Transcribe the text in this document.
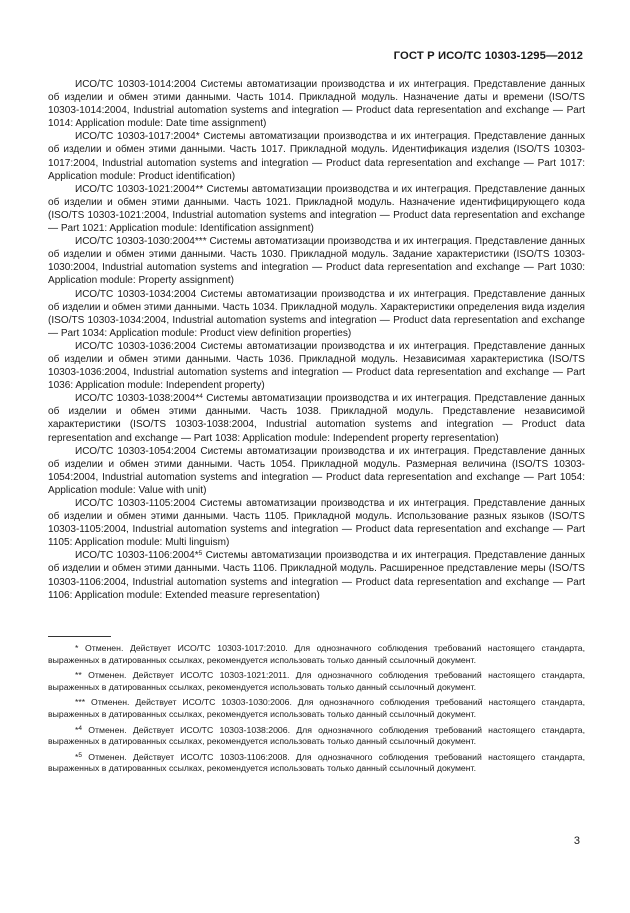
ГОСТ Р ИСО/ТС 10303-1295—2012

ИСО/ТС 10303-1014:2004 Системы автоматизации производства и их интеграция. Представление данных об изделии и обмен этими данными. Часть 1014. Прикладной модуль. Назначение даты и времени (ISO/TS 10303-1014:2004, Industrial automation systems and integration — Product data representation and exchange — Part 1014: Application module: Date time assignment)

ИСО/ТС 10303-1017:2004* Системы автоматизации производства и их интеграция. Представление данных об изделии и обмен этими данными. Часть 1017. Прикладной модуль. Идентификация изделия (ISO/TS 10303-1017:2004, Industrial automation systems and integration — Product data representation and exchange — Part 1017: Application module: Product identification)

ИСО/ТС 10303-1021:2004** Системы автоматизации производства и их интеграция. Представление данных об изделии и обмен этими данными. Часть 1021. Прикладной модуль. Назначение идентифицирующего кода (ISO/TS 10303-1021:2004, Industrial automation systems and integration — Product data representation and exchange — Part 1021: Application module: Identification assignment)

ИСО/ТС 10303-1030:2004*** Системы автоматизации производства и их интеграция. Представление данных об изделии и обмен этими данными. Часть 1030. Прикладной модуль. Задание характеристики (ISO/TS 10303-1030:2004, Industrial automation systems and integration — Product data representation and exchange — Part 1030: Application module: Property assignment)

ИСО/ТС 10303-1034:2004 Системы автоматизации производства и их интеграция. Представление данных об изделии и обмен этими данными. Часть 1034. Прикладной модуль. Характеристики определения вида изделия (ISO/TS 10303-1034:2004, Industrial automation systems and integration — Product data representation and exchange — Part 1034: Application module: Product view definition properties)

ИСО/ТС 10303-1036:2004 Системы автоматизации производства и их интеграция. Представление данных об изделии и обмен этими данными. Часть 1036. Прикладной модуль. Независимая характеристика (ISO/TS 10303-1036:2004, Industrial automation systems and integration — Product data representation and exchange — Part 1036: Application module: Independent property)

ИСО/ТС 10303-1038:2004*$^4$ Системы автоматизации производства и их интеграция. Представление данных об изделии и обмен этими данными. Часть 1038. Прикладной модуль. Представление независимой характеристики (ISO/TS 10303-1038:2004, Industrial automation systems and integration — Product data representation and exchange — Part 1038: Application module: Independent property representation)

ИСО/ТС 10303-1054:2004 Системы автоматизации производства и их интеграция. Представление данных об изделии и обмен этими данными. Часть 1054. Прикладной модуль. Размерная величина (ISO/TS 10303-1054:2004, Industrial automation systems and integration — Product data representation and exchange — Part 1054: Application module: Value with unit)

ИСО/ТС 10303-1105:2004 Системы автоматизации производства и их интеграция. Представление данных об изделии и обмен этими данными. Часть 1105. Прикладной модуль. Использование разных языков (ISO/TS 10303-1105:2004, Industrial automation systems and integration — Product data representation and exchange — Part 1105: Application module: Multi linguism)

ИСО/ТС 10303-1106:2004*$^5$ Системы автоматизации производства и их интеграция. Представление данных об изделии и обмен этими данными. Часть 1106. Прикладной модуль. Расширенное представление меры (ISO/TS 10303-1106:2004, Industrial automation systems and integration — Product data representation and exchange — Part 1106: Application module: Extended measure representation)

* Отменен. Действует ИСО/ТС 10303-1017:2010. Для однозначного соблюдения требований настоящего стандарта, выраженных в датированных ссылках, рекомендуется использовать только данный ссылочный документ.

** Отменен. Действует ИСО/ТС 10303-1021:2011. Для однозначного соблюдения требований настоящего стандарта, выраженных в датированных ссылках, рекомендуется использовать только данный ссылочный документ.

*** Отменен. Действует ИСО/ТС 10303-1030:2006. Для однозначного соблюдения требований настоящего стандарта, выраженных в датированных ссылках, рекомендуется использовать только данный ссылочный документ.

*$^4$ Отменен. Действует ИСО/ТС 10303-1038:2006. Для однозначного соблюдения требований настоящего стандарта, выраженных в датированных ссылках, рекомендуется использовать только данный ссылочный документ.

*$^5$ Отменен. Действует ИСО/ТС 10303-1106:2008. Для однозначного соблюдения требований настоящего стандарта, выраженных в датированных ссылках, рекомендуется использовать только данный ссылочный документ.

3
